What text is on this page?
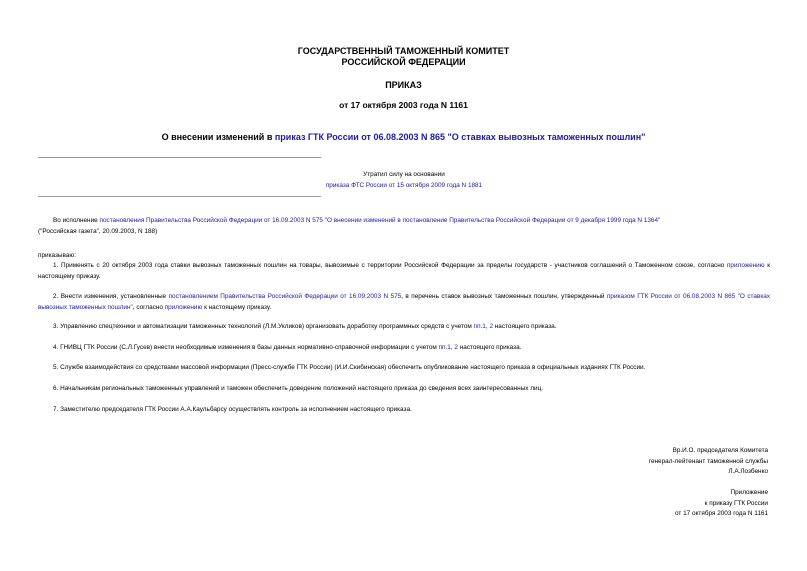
ГОСУДАРСТВЕННЫЙ ТАМОЖЕННЫЙ КОМИТЕТ
РОССИЙСКОЙ ФЕДЕРАЦИИ
ПРИКАЗ
от 17 октября 2003 года N 1161
О внесении изменений в приказ ГТК России от 06.08.2003 N 865 "О ставках вывозных таможенных пошлин"
Утратил силу на основании
приказа ФТС России от 15 октября 2009 года N 1881
Во исполнение постановления Правительства Российской Федерации от 16.09.2003 N 575 "О внесении изменений в постановление Правительства Российской Федерации от 9 декабря 1999 года N 1364"
("Российская газета", 20.09.2003, N 188)
приказываю:
1. Применять с 20 октября 2003 года ставки вывозных таможенных пошлин на товары, вывозимые с территории Российской Федерации за пределы государств - участников соглашений о Таможенном союзе, согласно приложению к настоящему приказу.
2. Внести изменения, установленные постановлением Правительства Российской Федерации от 16.09.2003 N 575, в перечень ставок вывозных таможенных пошлин, утвержденный приказом ГТК России от 06.08.2003 N 865 "О ставках вывозных таможенных пошлин", согласно приложению к настоящему приказу.
3. Управлению спецтехники и автоматизации таможенных технологий (Л.М.Укликов) организовать доработку программных средств с учетом пп.1, 2 настоящего приказа.
4. ГНИВЦ ГТК России (С.Л.Гусев) внести необходимые изменения в базы данных нормативно-справочной информации с учетом пп.1, 2 настоящего приказа.
5. Службе взаимодействия со средствами массовой информации (Пресс-службе ГТК России) (И.И.Скибинская) обеспечить опубликование настоящего приказа в официальных изданиях ГТК России.
6. Начальникам региональных таможенных управлений и таможен обеспечить доведение положений настоящего приказа до сведения всех заинтересованных лиц.
7. Заместителю председателя ГТК России А.А.Каульбарсу осуществлять контроль за исполнением настоящего приказа.
Вр.И.О. председателя Комитета
генерал-лейтенант таможенной службы
Л.А.Лозбенко
Приложение
к приказу ГТК России
от 17 октября 2003 года N 1161
